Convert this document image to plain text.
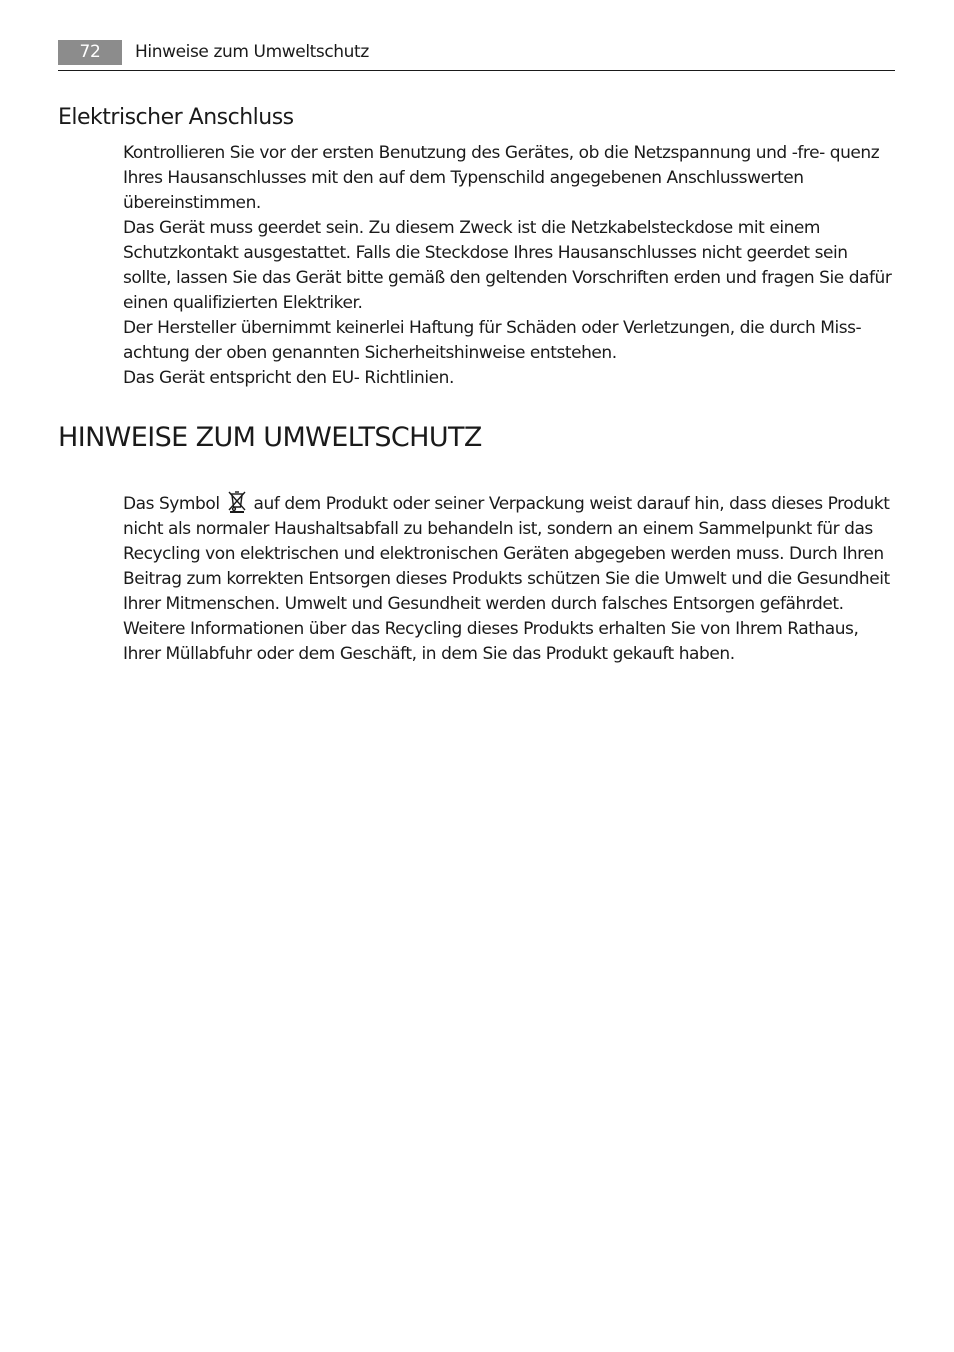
72	Hinweise zum Umweltschutz
Elektrischer Anschluss

Kontrollieren Sie vor der ersten Benutzung des Gerätes, ob die Netzspannung und -fre- quenz Ihres Hausanschlusses mit den auf dem Typenschild angegebenen Anschlusswerten übereinstimmen.

Das Gerät muss geerdet sein. Zu diesem Zweck ist die Netzkabelsteckdose mit einem Schutzkontakt ausgestattet. Falls die Steckdose Ihres Hausanschlusses nicht geerdet sein sollte, lassen Sie das Gerät bitte gemäß den geltenden Vorschriften erden und fragen Sie dafür einen qualifizierten Elektriker.

Der Hersteller übernimmt keinerlei Haftung für Schäden oder Verletzungen, die durch Miss- achtung der oben genannten Sicherheitshinweise entstehen.

Das Gerät entspricht den EU- Richtlinien.

HINWEISE ZUM UMWELTSCHUTZ

Das Symbol auf dem Produkt oder seiner Verpackung weist darauf hin, dass dieses Produkt nicht als normaler Haushaltsabfall zu behandeln ist, sondern an einem Sammelpunkt für das Recycling von elektrischen und elektronischen Geräten abgegeben werden muss. Durch Ihren Beitrag zum korrekten Entsorgen dieses Produkts schützen Sie die Umwelt und die Gesundheit Ihrer Mitmenschen. Umwelt und Gesundheit werden durch falsches Entsorgen gefährdet. Weitere Informationen über das Recycling dieses Produkts erhalten Sie von Ihrem Rathaus, Ihrer Müllabfuhr oder dem Geschäft, in dem Sie das Produkt gekauft haben.
